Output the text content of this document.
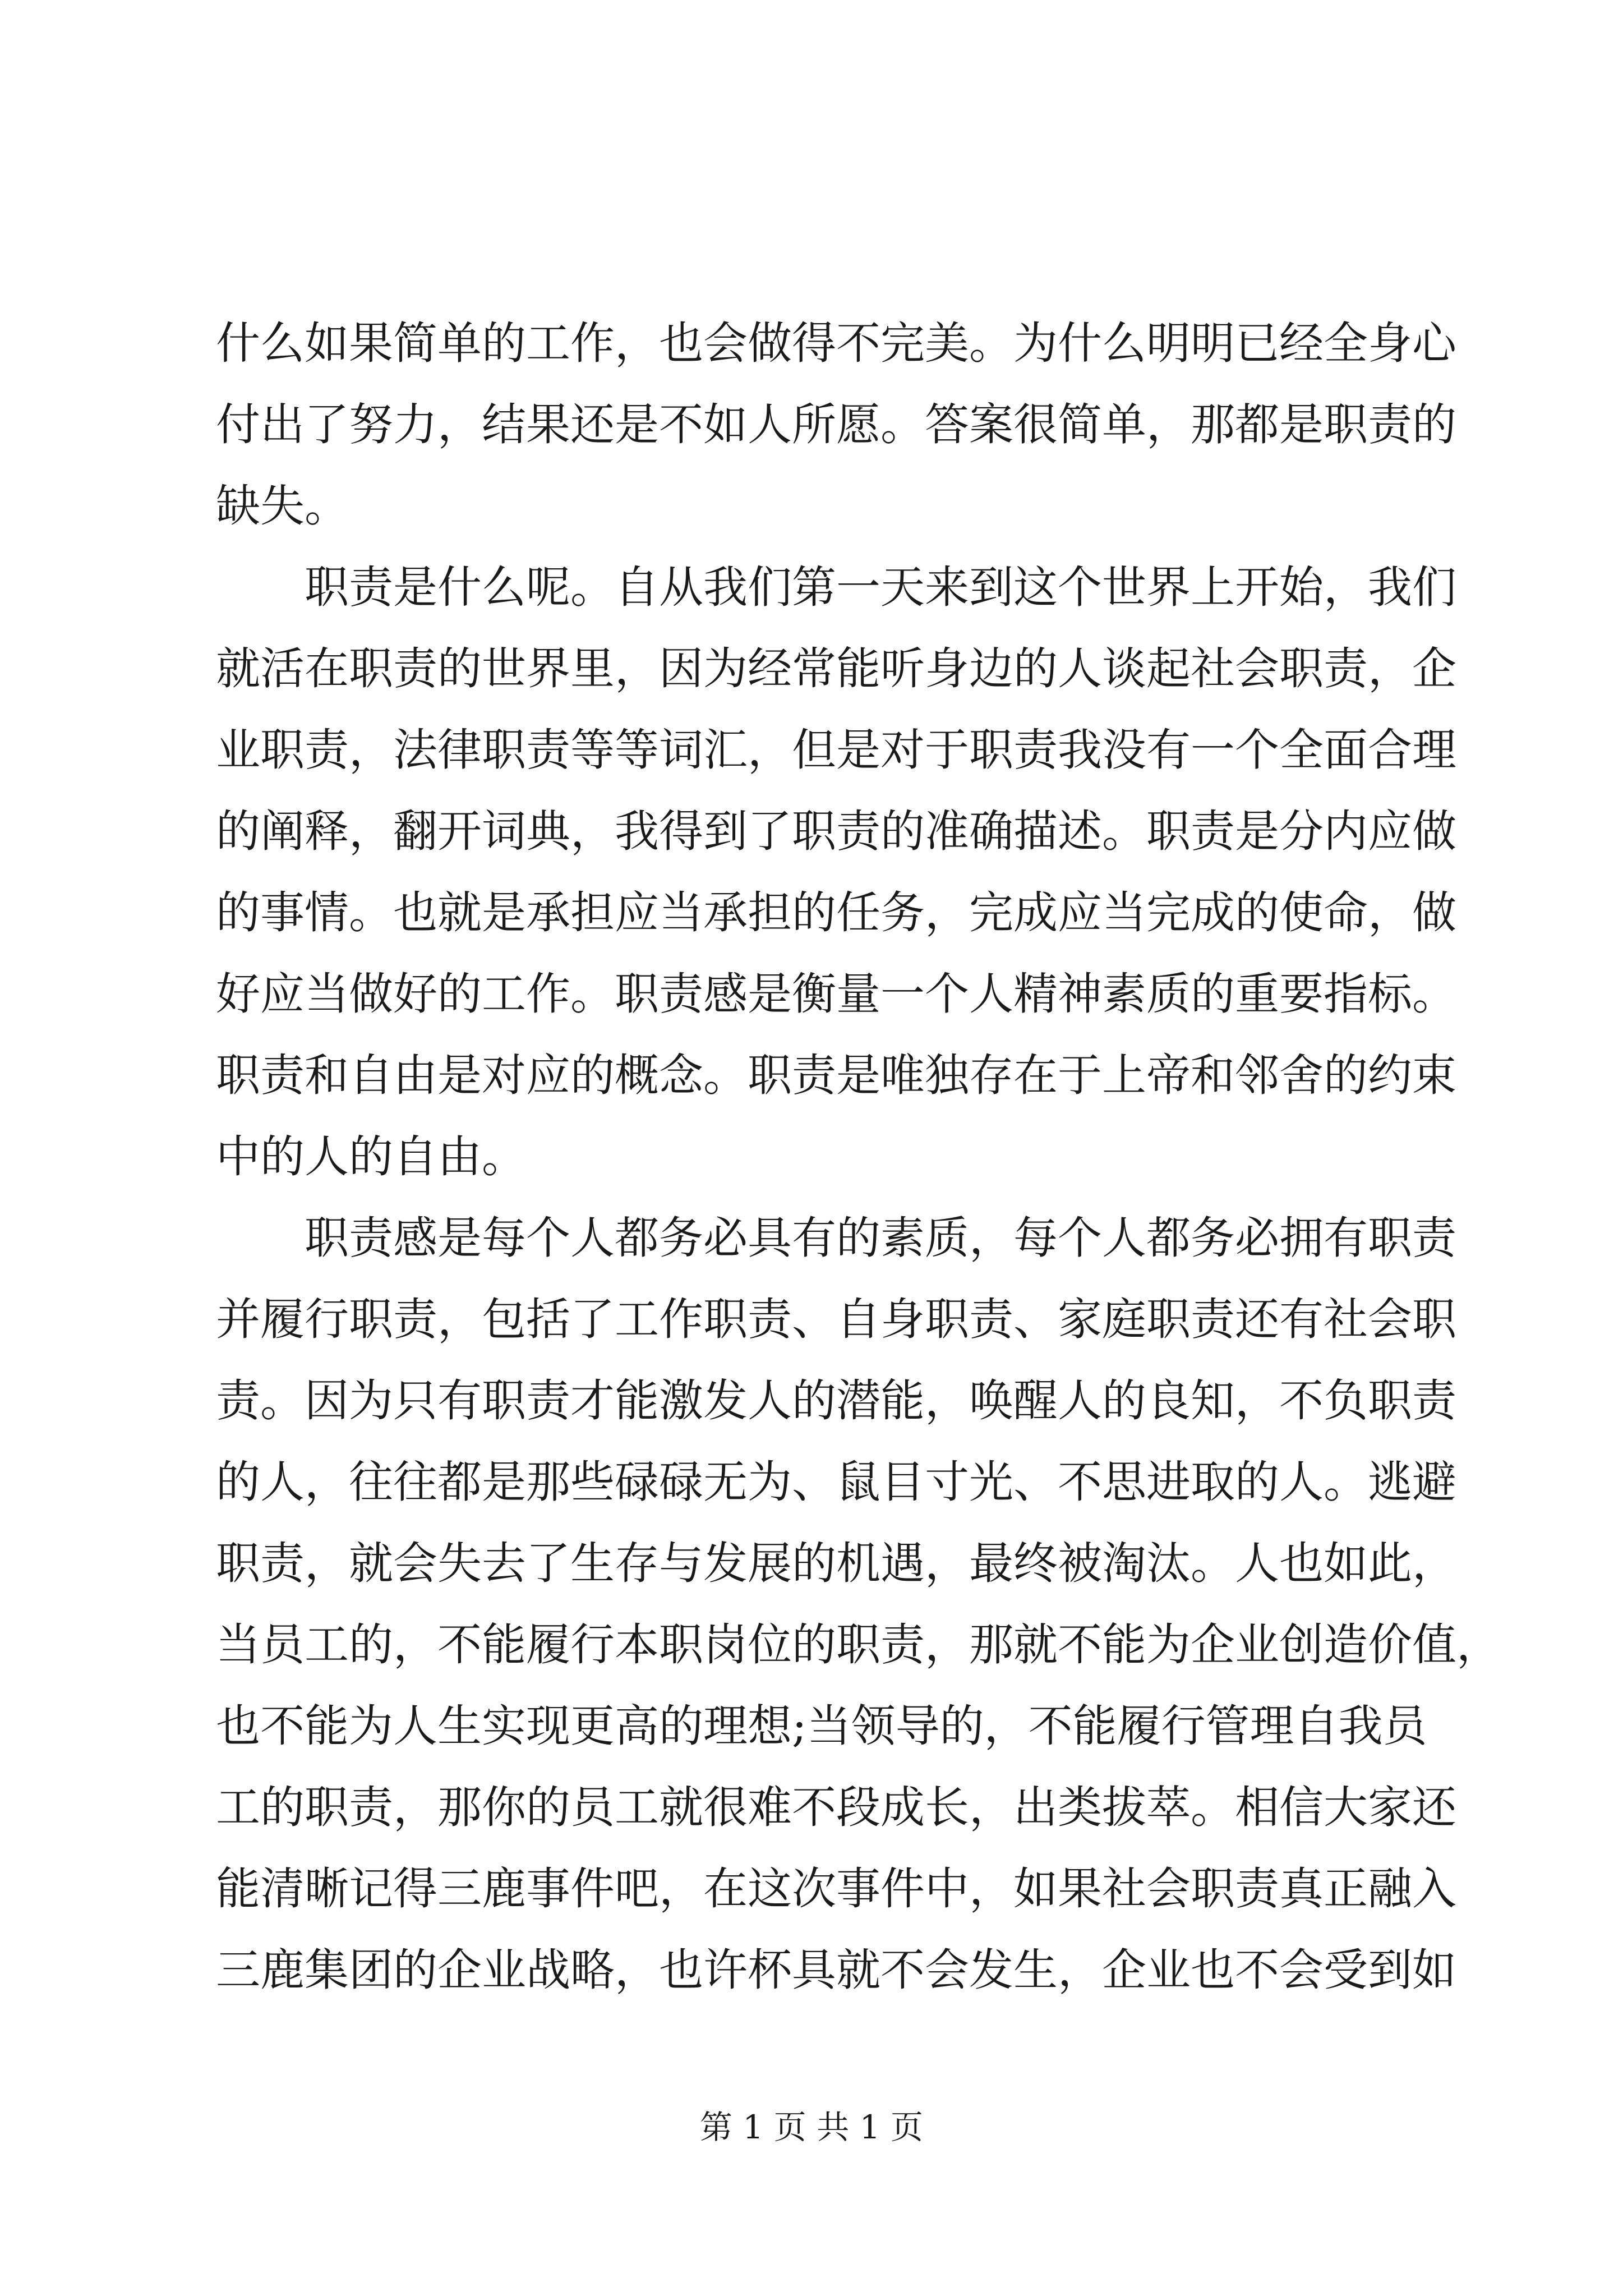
什么如果简单的工作，也会做得不完美。为什么明明已经全身心
付出了努力，结果还是不如人所愿。答案很简单，那都是职责的
缺失。
职责是什么呢。自从我们第一天来到这个世界上开始，我们
就活在职责的世界里，因为经常能听身边的人谈起社会职责，企
业职责，法律职责等等词汇，但是对于职责我没有一个全面合理
的阐释，翻开词典，我得到了职责的准确描述。职责是分内应做
的事情。也就是承担应当承担的任务，完成应当完成的使命，做
好应当做好的工作。职责感是衡量一个人精神素质的重要指标。
职责和自由是对应的概念。职责是唯独存在于上帝和邻舍的约束
中的人的自由。
职责感是每个人都务必具有的素质，每个人都务必拥有职责
并履行职责，包括了工作职责、自身职责、家庭职责还有社会职
责。因为只有职责才能激发人的潜能，唤醒人的良知，不负职责
的人，往往都是那些碌碌无为、鼠目寸光、不思进取的人。逃避
职责，就会失去了生存与发展的机遇，最终被淘汰。人也如此，
当员工的，不能履行本职岗位的职责，那就不能为企业创造价值，
也不能为人生实现更高的理想;当领导的，不能履行管理自我员
工的职责，那你的员工就很难不段成长，出类拔萃。相信大家还
能清晰记得三鹿事件吧，在这次事件中，如果社会职责真正融入
三鹿集团的企业战略，也许杯具就不会发生，企业也不会受到如
第 1 页 共 1 页
